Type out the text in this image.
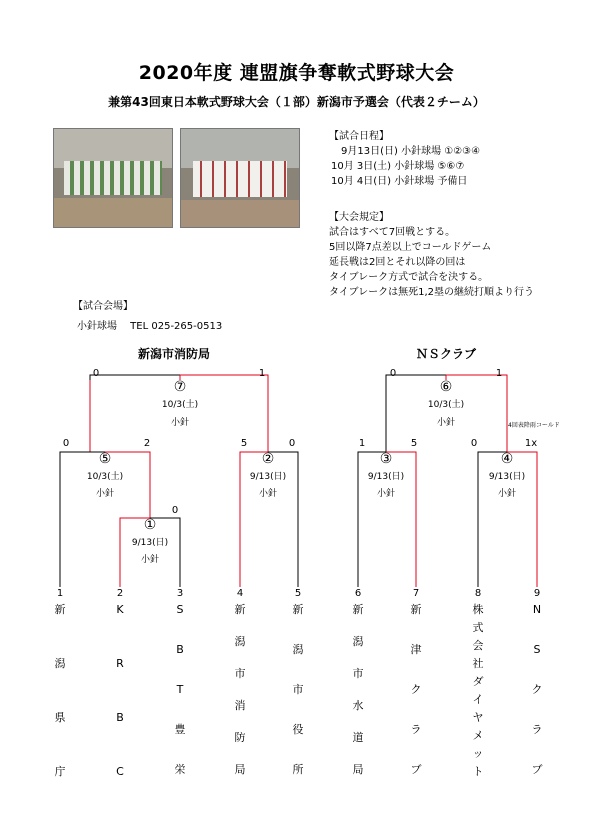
2020年度 連盟旗争奪軟式野球大会
兼第43回東日本軟式野球大会（１部）新潟市予選会（代表２チーム）
【試合日程】
9月13日(日) 小針球場 ①②③④
10月 3日(土) 小針球場 ⑤⑥⑦
10月 4日(日) 小針球場 予備日
【大会規定】
試合はすべて7回戦とする。
5回以降7点差以上でコールドゲーム
延長戦は2回とそれ以降の回は
タイブレーク方式で試合を決する。
タイブレークは無死1,2塁の継続打順より行う
【試合会場】
小針球場　 TEL 025-265-0513
新潟市消防局	ＮＳクラブ
0	1
⑦
10/3(土)
小針
0	2
⑤
10/3(土)
小針
5	0
②
9/13(日)
小針
0
①
9/13(日)
小針
0	1
⑥
10/3(土)
小針
1	5
③
9/13(日)
小針
4回表降雨コールド
0	1x
④
9/13(日)
小針
1	2	3	4	5	6	7	8	9
新
潟
県
庁
K
R
B
C
S
B
T
豊
栄
新
潟
市
消
防
局
新
潟
市
役
所
新
潟
市
水
道
局
新
津
ク
ラ
ブ
株
式
会
社
ダ
イ
ヤ
メ
ッ
ト
N
S
ク
ラ
ブ
